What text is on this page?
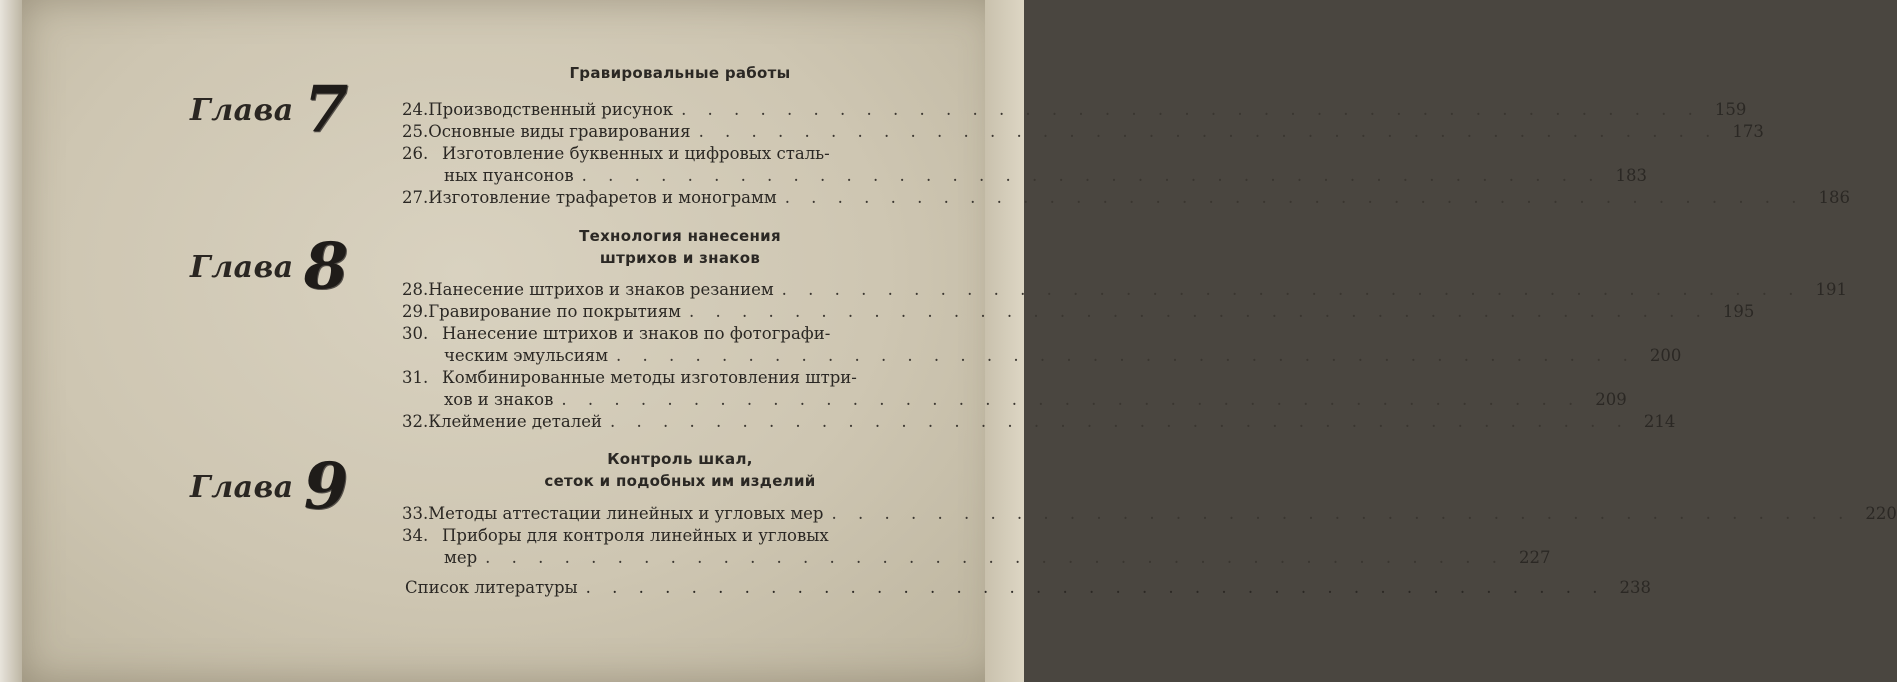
Глава 7
Глава 8
Глава 9
Гравировальные работы
Технология нанесения
штрихов и знаков
Контроль шкал,
сеток и подобных им изделий
24. Производственный рисунок . . . . . . . . . . . . . . . . . . . . . . . . . . . . . . . . . . . . . . . 159
25. Основные виды гравирования . . . . . . . . . . . . . . . . . . . . . . . . . . . . . . . . . . . . . . . 173
26. Изготовление буквенных и цифровых сталь-
ных пуансонов . . . . . . . . . . . . . . . . . . . . . . . . . . . . . . . . . . . . . . . 183
27. Изготовление трафаретов и монограмм . . . . . . . . . . . . . . . . . . . . . . . . . . . . . . . . . . . . . . . 186
28. Нанесение штрихов и знаков резанием . . . . . . . . . . . . . . . . . . . . . . . . . . . . . . . . . . . . . . . 191
29. Гравирование по покрытиям . . . . . . . . . . . . . . . . . . . . . . . . . . . . . . . . . . . . . . . 195
30. Нанесение штрихов и знаков по фотографи-
ческим эмульсиям . . . . . . . . . . . . . . . . . . . . . . . . . . . . . . . . . . . . . . . 200
31. Комбинированные методы изготовления штри-
хов и знаков . . . . . . . . . . . . . . . . . . . . . . . . . . . . . . . . . . . . . . . 209
32. Клеймение деталей . . . . . . . . . . . . . . . . . . . . . . . . . . . . . . . . . . . . . . . 214
33. Методы аттестации линейных и угловых мер . . . . . . . . . . . . . . . . . . . . . . . . . . . . . . . . . . . . . . . 220
34. Приборы для контроля линейных и угловых
мер . . . . . . . . . . . . . . . . . . . . . . . . . . . . . . . . . . . . . . . 227
Список литературы . . . . . . . . . . . . . . . . . . . . . . . . . . . . . . . . . . . . . . . 238
